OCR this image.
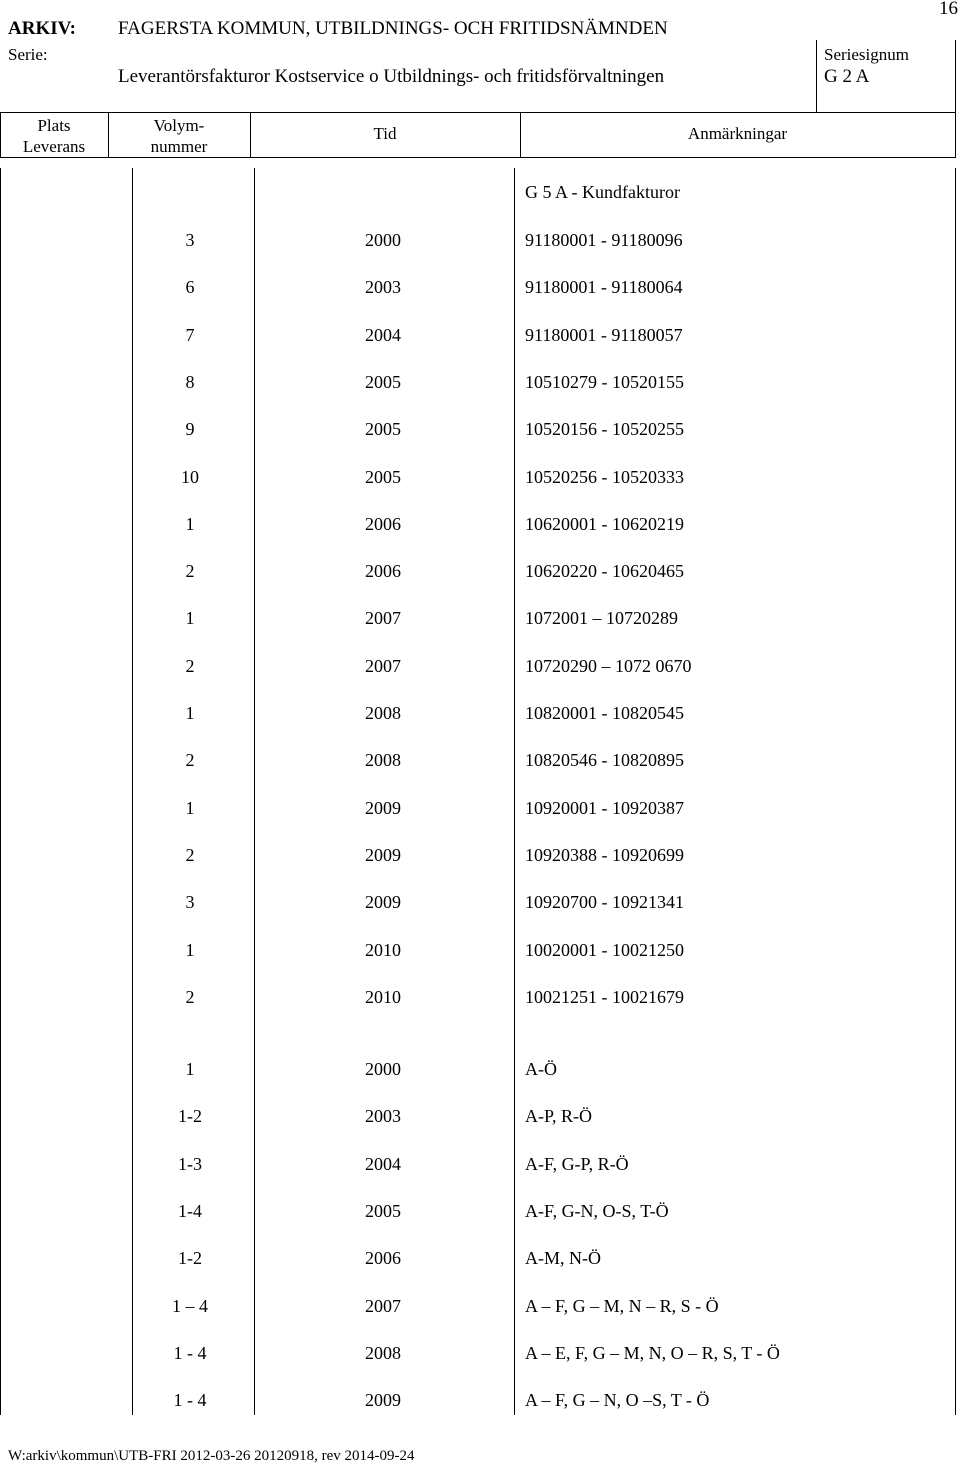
16
ARKIV: FAGERSTA KOMMUN, UTBILDNINGS- OCH FRITIDSNÄMNDEN
Serie:
Leverantörsfakturor Kostservice o Utbildnings- och fritidsförvaltningen
Seriesignum
G 2 A
Plats
Leverans
Volym-
nummer
Tid	Anmärkningar
G 5 A - Kundfakturor
3	2000	91180001 - 91180096
6	2003	91180001 - 91180064
7	2004	91180001 - 91180057
8	2005	10510279 - 10520155
9	2005	10520156 - 10520255
10	2005	10520256 - 10520333
1	2006	10620001 - 10620219
2	2006	10620220 - 10620465
1	2007	1072001 – 10720289
2	2007	10720290 – 1072 0670
1	2008	10820001 - 10820545
2	2008	10820546 - 10820895
1	2009	10920001 - 10920387
2	2009	10920388 - 10920699
3	2009	10920700 - 10921341
1	2010	10020001 - 10021250
2	2010	10021251 - 10021679
1	2000	A-Ö
1-2	2003	A-P, R-Ö
1-3	2004	A-F, G-P, R-Ö
1-4	2005	A-F, G-N, O-S, T-Ö
1-2	2006	A-M, N-Ö
1 – 4	2007	A – F, G – M, N – R, S - Ö
1 - 4	2008	A – E, F, G – M, N, O – R, S, T - Ö
1 - 4	2009	A – F, G – N, O –S, T - Ö
W:arkiv\kommun\UTB-FRI 2012-03-26 20120918, rev 2014-09-24
